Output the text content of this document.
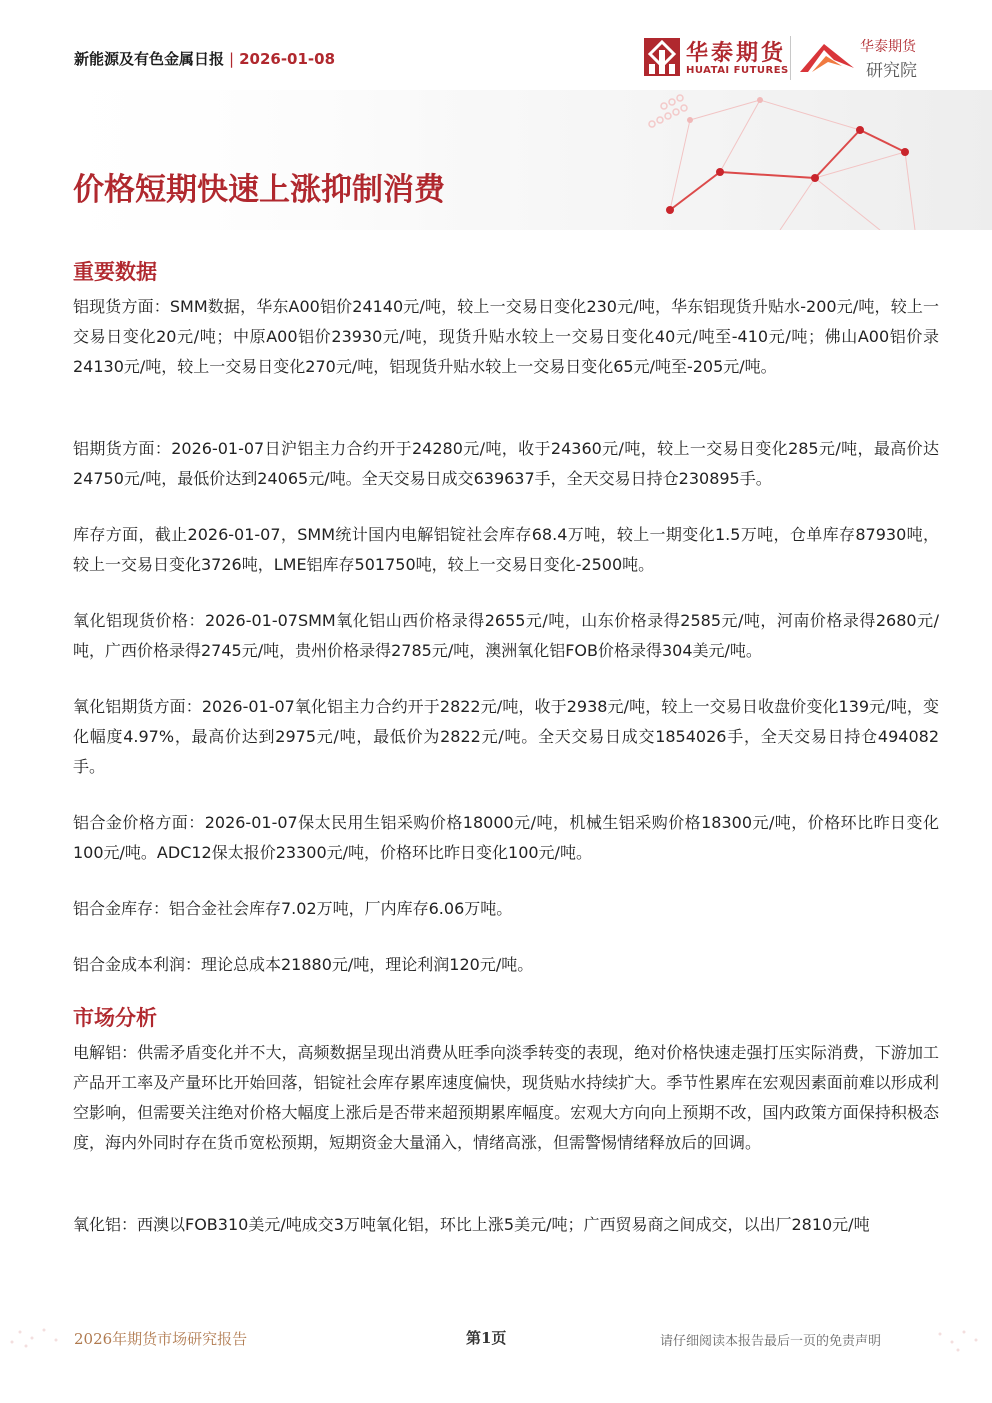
新能源及有色金属日报 | 2026-01-08	华泰期货
HUATAI FUTURES
华泰期货
研究院
价格短期快速上涨抑制消费
重要数据

铝现货方面：SMM数据，华东A00铝价24140元/吨，较上一交易日变化230元/吨，华东铝现货升贴水-200元/吨，较上一交易日变化20元/吨；中原A00铝价23930元/吨，现货升贴水较上一交易日变化40元/吨至-410元/吨；佛山A00铝价录24130元/吨，较上一交易日变化270元/吨，铝现货升贴水较上一交易日变化65元/吨至-205元/吨。

铝期货方面：2026-01-07日沪铝主力合约开于24280元/吨，收于24360元/吨，较上一交易日变化285元/吨，最高价达24750元/吨，最低价达到24065元/吨。全天交易日成交639637手，全天交易日持仓230895手。

库存方面，截止2026-01-07，SMM统计国内电解铝锭社会库存68.4万吨，较上一期变化1.5万吨，仓单库存87930吨，较上一交易日变化3726吨，LME铝库存501750吨，较上一交易日变化-2500吨。

氧化铝现货价格：2026-01-07SMM氧化铝山西价格录得2655元/吨，山东价格录得2585元/吨，河南价格录得2680元/吨，广西价格录得2745元/吨，贵州价格录得2785元/吨，澳洲氧化铝FOB价格录得304美元/吨。

氧化铝期货方面：2026-01-07氧化铝主力合约开于2822元/吨，收于2938元/吨，较上一交易日收盘价变化139元/吨，变化幅度4.97%，最高价达到2975元/吨，最低价为2822元/吨。全天交易日成交1854026手，全天交易日持仓494082手。

铝合金价格方面：2026-01-07保太民用生铝采购价格18000元/吨，机械生铝采购价格18300元/吨，价格环比昨日变化100元/吨。ADC12保太报价23300元/吨，价格环比昨日变化100元/吨。

铝合金库存：铝合金社会库存7.02万吨，厂内库存6.06万吨。

铝合金成本利润：理论总成本21880元/吨，理论利润120元/吨。

市场分析

电解铝：供需矛盾变化并不大，高频数据呈现出消费从旺季向淡季转变的表现，绝对价格快速走强打压实际消费，下游加工产品开工率及产量环比开始回落，铝锭社会库存累库速度偏快，现货贴水持续扩大。季节性累库在宏观因素面前难以形成利空影响，但需要关注绝对价格大幅度上涨后是否带来超预期累库幅度。宏观大方向向上预期不改，国内政策方面保持积极态度，海内外同时存在货币宽松预期，短期资金大量涌入，情绪高涨，但需警惕情绪释放后的回调。

氧化铝：西澳以FOB310美元/吨成交3万吨氧化铝，环比上涨5美元/吨；广西贸易商之间成交，以出厂2810元/吨

2026年期货市场研究报告	第1页	请仔细阅读本报告最后一页的免责声明
